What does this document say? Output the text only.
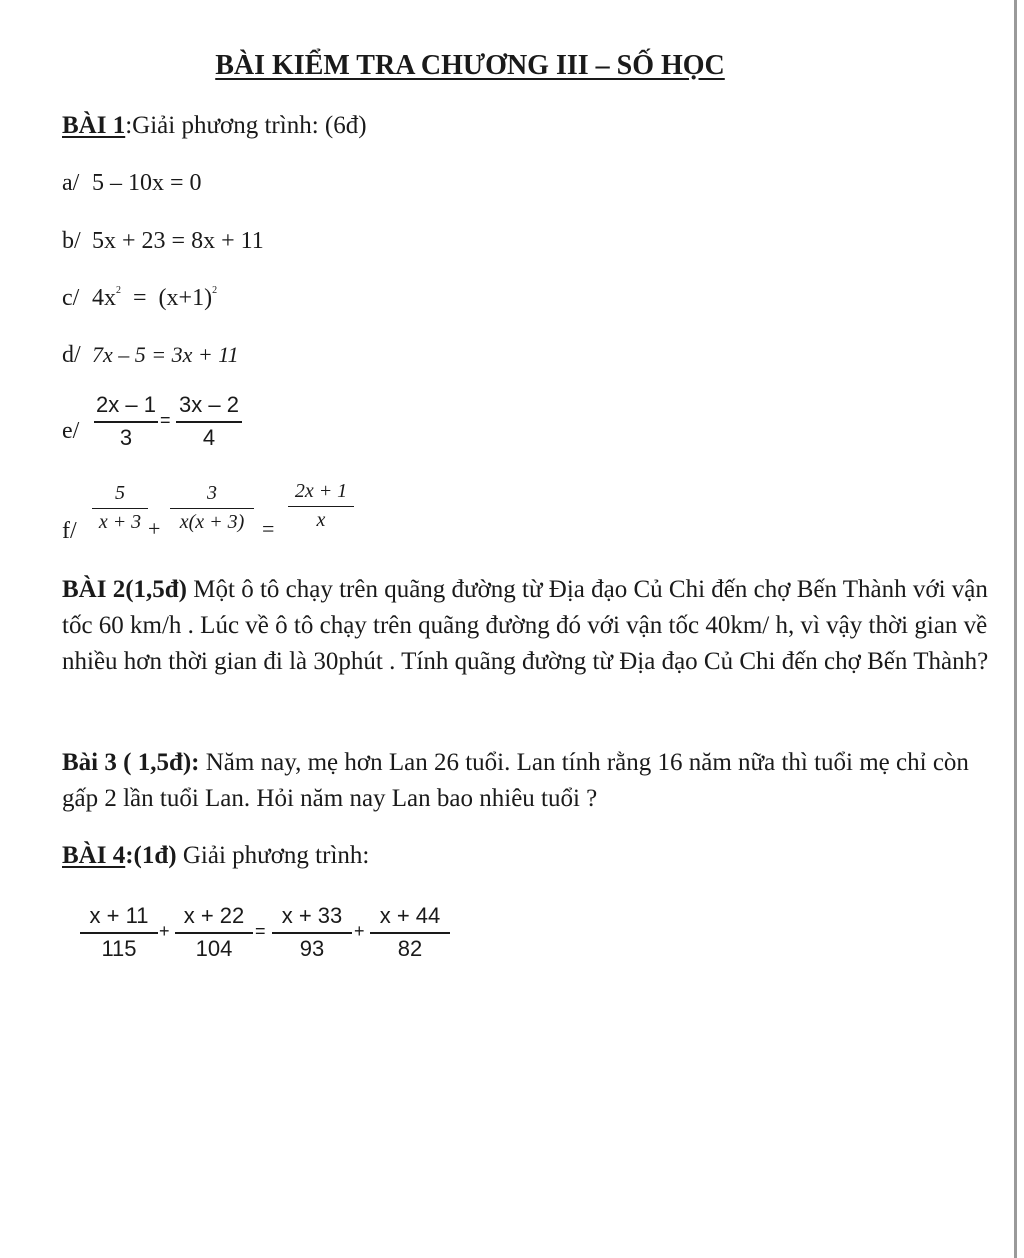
BÀI KIỂM TRA CHƯƠNG III – SỐ HỌC
BÀI 1:Giải phương trình: (6đ)
a/ 5 – 10x = 0
b/ 5x + 23 = 8x + 11
c/ $4x^2 = (x+1)^2$
d/ 7x – 5 = 3x + 11
e/
2x – 1
3
=
3x – 2
4
f/
5
x + 3 +
3
x(x + 3) =
2x + 1
x
BÀI 2(1,5đ) Một ô tô chạy trên quãng đường từ Địa đạo Củ Chi đến chợ Bến Thành với vận tốc 60 km/h . Lúc về ô tô chạy trên quãng đường đó với vận tốc 40km/ h, vì vậy thời gian về nhiều hơn thời gian đi là 30phút . Tính quãng đường từ Địa đạo Củ Chi đến chợ Bến Thành?
Bài 3 ( 1,5đ): Năm nay, mẹ hơn Lan 26 tuổi. Lan tính rằng 16 năm nữa thì tuổi mẹ chỉ còn gấp 2 lần tuổi Lan. Hỏi năm nay Lan bao nhiêu tuổi ?
BÀI 4:(1đ) Giải phương trình:
x + 11
115
+
x + 22
104
=
x + 33
93
+
x + 44
82
